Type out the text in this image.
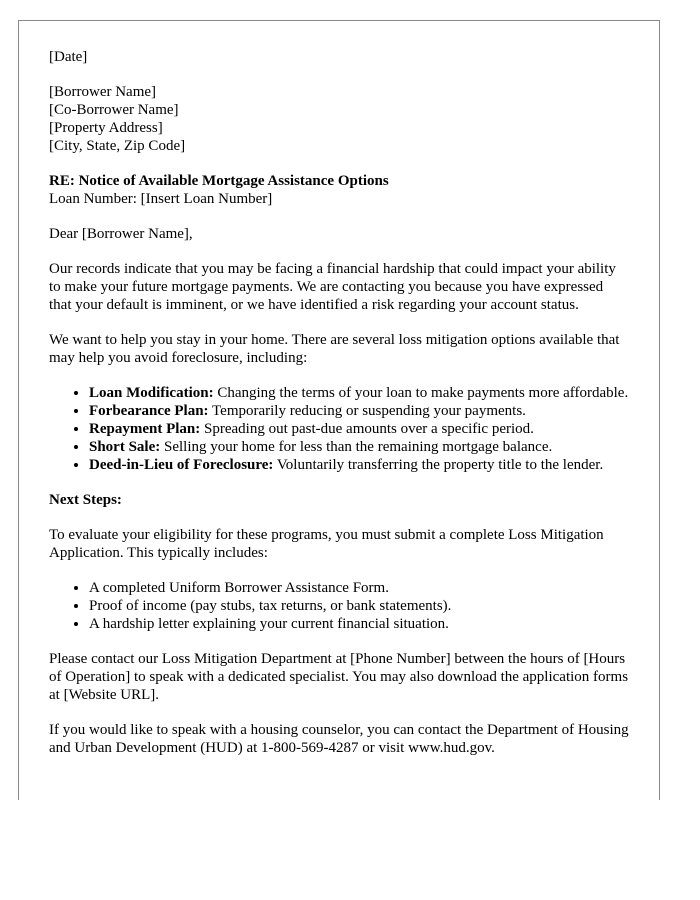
[Date]
[Borrower Name]
[Co-Borrower Name]
[Property Address]
[City, State, Zip Code]
RE: Notice of Available Mortgage Assistance Options
Loan Number: [Insert Loan Number]

Dear [Borrower Name],

Our records indicate that you may be facing a financial hardship that could impact your ability to make your future mortgage payments. We are contacting you because you have expressed that your default is imminent, or we have identified a risk regarding your account status.

We want to help you stay in your home. There are several loss mitigation options available that may help you avoid foreclosure, including:

• Loan Modification: Changing the terms of your loan to make payments more affordable.
• Forbearance Plan: Temporarily reducing or suspending your payments.
• Repayment Plan: Spreading out past-due amounts over a specific period.
• Short Sale: Selling your home for less than the remaining mortgage balance.
• Deed-in-Lieu of Foreclosure: Voluntarily transferring the property title to the lender.
Next Steps:

To evaluate your eligibility for these programs, you must submit a complete Loss Mitigation Application. This typically includes:

• A completed Uniform Borrower Assistance Form.
• Proof of income (pay stubs, tax returns, or bank statements).
• A hardship letter explaining your current financial situation.

Please contact our Loss Mitigation Department at [Phone Number] between the hours of [Hours of Operation] to speak with a dedicated specialist. You may also download the application forms at [Website URL].

If you would like to speak with a housing counselor, you can contact the Department of Housing and Urban Development (HUD) at 1-800-569-4287 or visit www.hud.gov.
